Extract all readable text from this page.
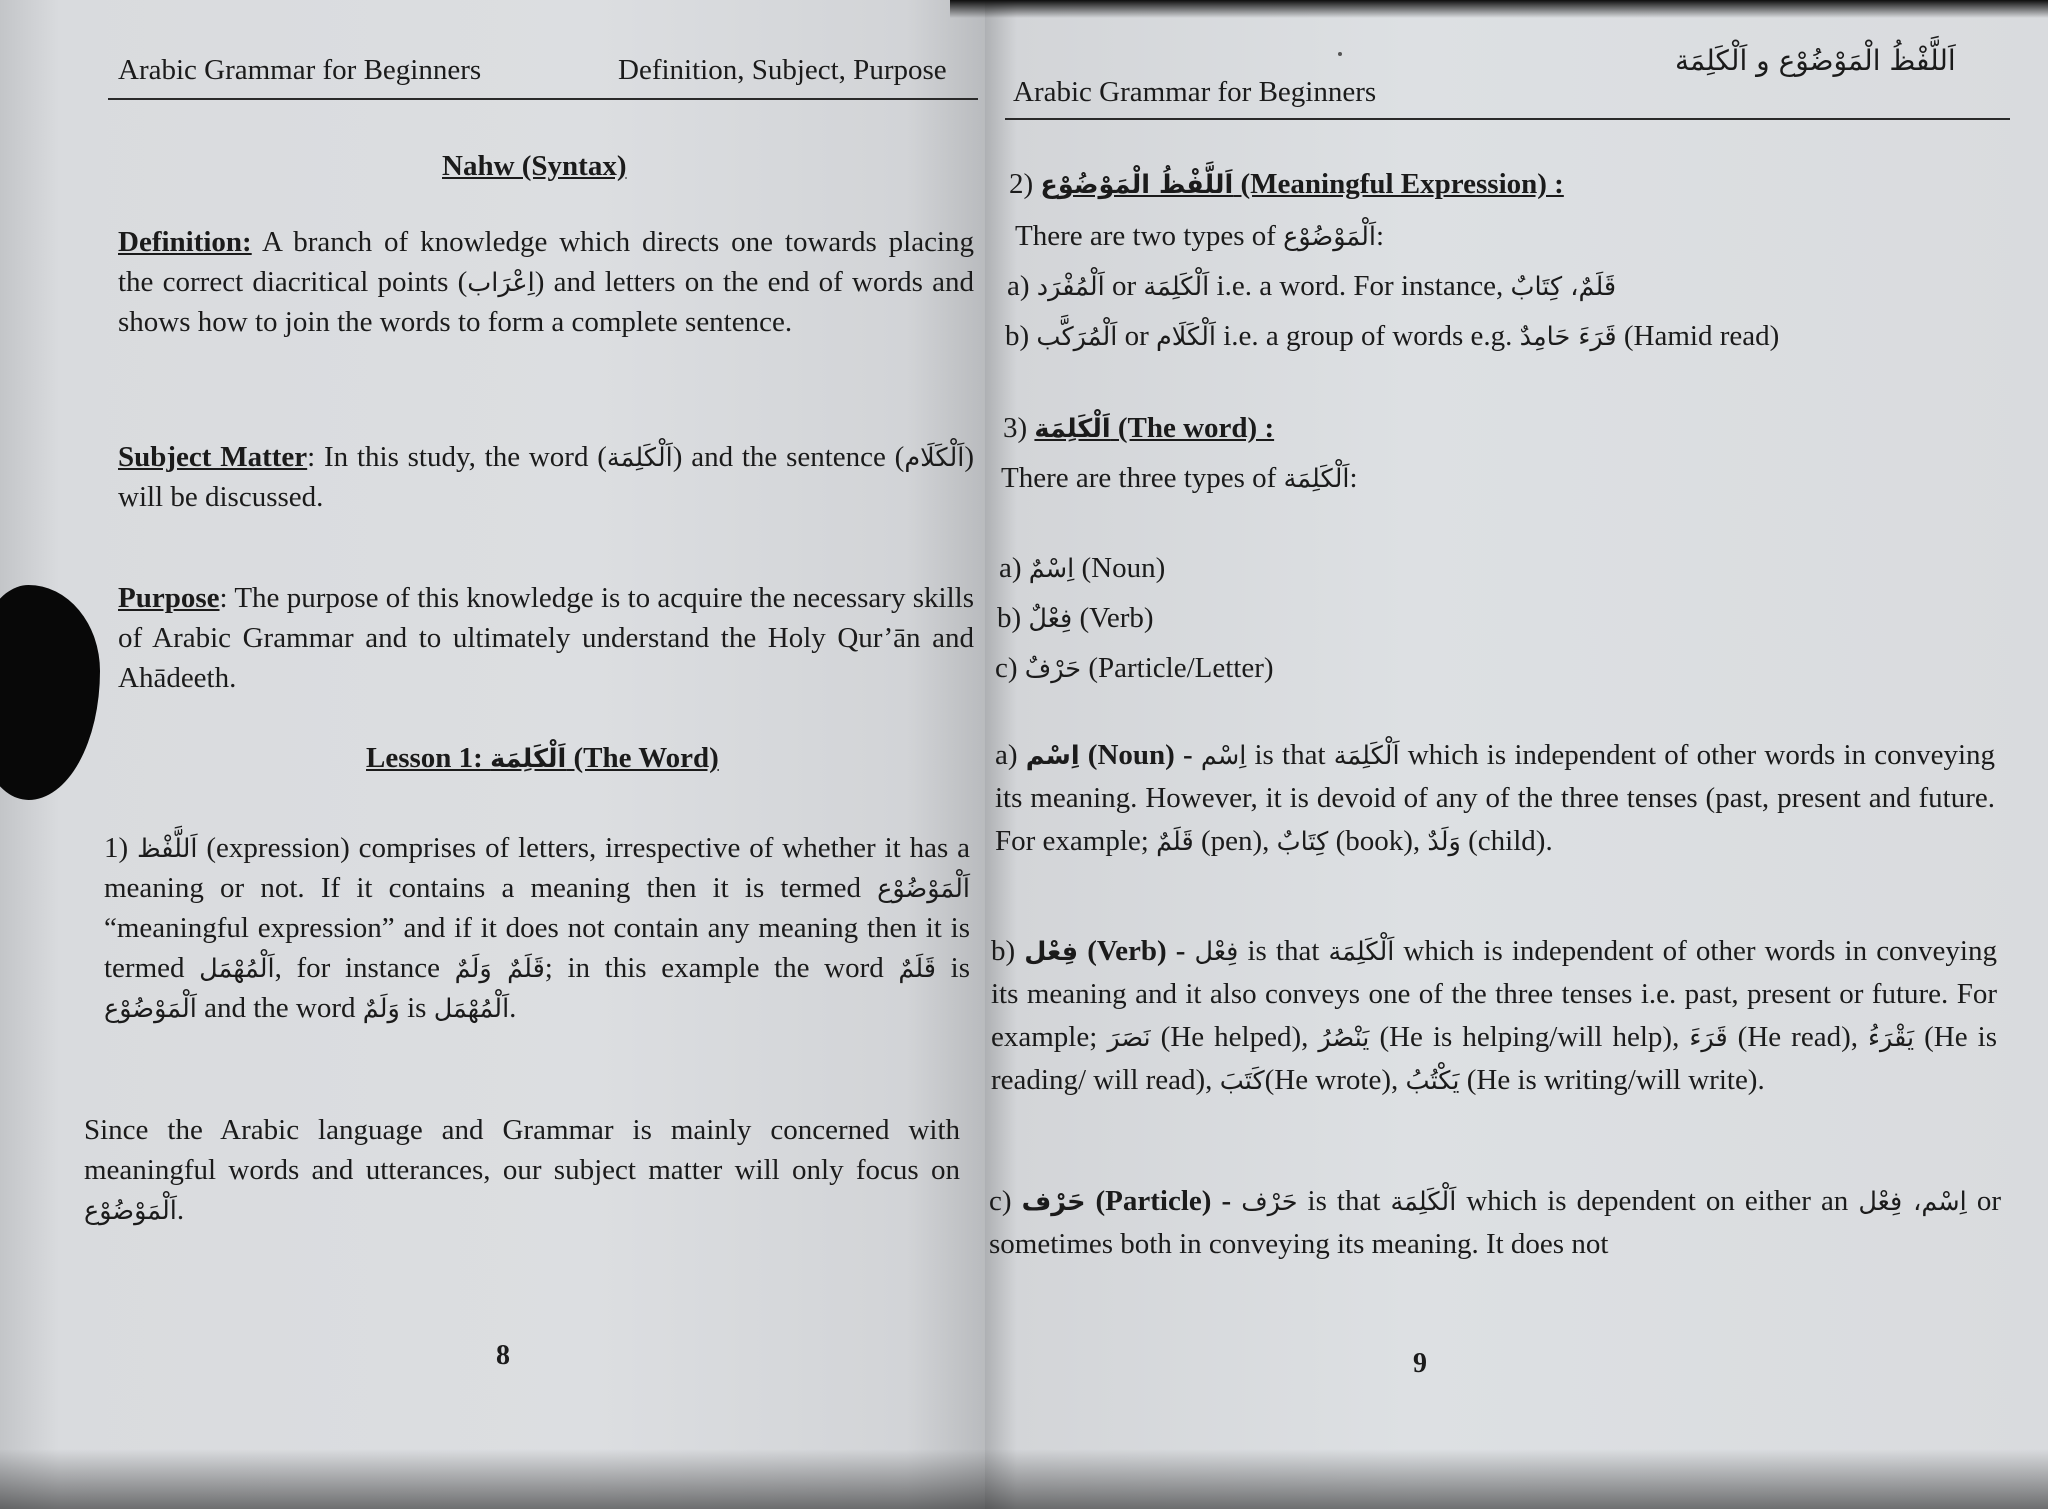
Arabic Grammar for Beginners	Definition, Subject, Purpose
Nahw (Syntax)

Definition: A branch of knowledge which directs one towards placing the correct diacritical points (اِعْرَاب) and letters on the end of words and shows how to join the words to form a complete sentence.

Subject Matter: In this study, the word (اَلْكَلِمَة) and the sentence (اَلْكَلَام) will be discussed.

Purpose: The purpose of this knowledge is to acquire the necessary skills of Arabic Grammar and to ultimately understand the Holy Qur’ān and Ahādeeth.

Lesson 1: اَلْكَلِمَة (The Word)

1) اَللَّفْظ (expression) comprises of letters, irrespective of whether it has a meaning or not. If it contains a meaning then it is termed اَلْمَوْضُوْع “meaningful expression” and if it does not contain any meaning then it is termed اَلْمُهْمَل, for instance قَلَمٌ وَلَمٌ; in this example the word قَلَمٌ is اَلْمَوْضُوْع and the word وَلَمٌ is اَلْمُهْمَل.

Since the Arabic language and Grammar is mainly concerned with meaningful words and utterances, our subject matter will only focus on اَلْمَوْضُوْع.

8
Arabic Grammar for Beginners
اَللَّفْظُ الْمَوْضُوْع و اَلْكَلِمَة
2) اَللَّفْظُ الْمَوْضُوْع (Meaningful Expression) :
There are two types of اَلْمَوْضُوْع:
a) اَلْمُفْرَد or اَلْكَلِمَة i.e. a word. For instance, قَلَمٌ، كِتَابٌ
b) اَلْمُرَكَّب or اَلْكَلَام i.e. a group of words e.g. قَرَءَ حَامِدٌ (Hamid read)
3) اَلْكَلِمَة (The word) :
There are three types of اَلْكَلِمَة:
a) اِسْمٌ (Noun)
b) فِعْلٌ (Verb)
c) حَرْفٌ (Particle/Letter)

a) اِسْم (Noun) - اِسْم is that اَلْكَلِمَة which is independent of other words in conveying its meaning. However, it is devoid of any of the three tenses (past, present and future. For example; قَلَمٌ (pen), كِتَابٌ (book), وَلَدٌ (child).

b) فِعْل (Verb) - فِعْل is that اَلْكَلِمَة which is independent of other words in conveying its meaning and it also conveys one of the three tenses i.e. past, present or future. For example; نَصَرَ (He helped), يَنْصُرُ (He is helping/will help), قَرَءَ (He read), يَقْرَءُ (He is reading/ will read), كَتَبَ(He wrote), يَكْتُبُ (He is writing/will write).

c) حَرْف (Particle) - حَرْف is that اَلْكَلِمَة which is dependent on either an اِسْم، فِعْل or sometimes both in conveying its meaning. It does not

9
